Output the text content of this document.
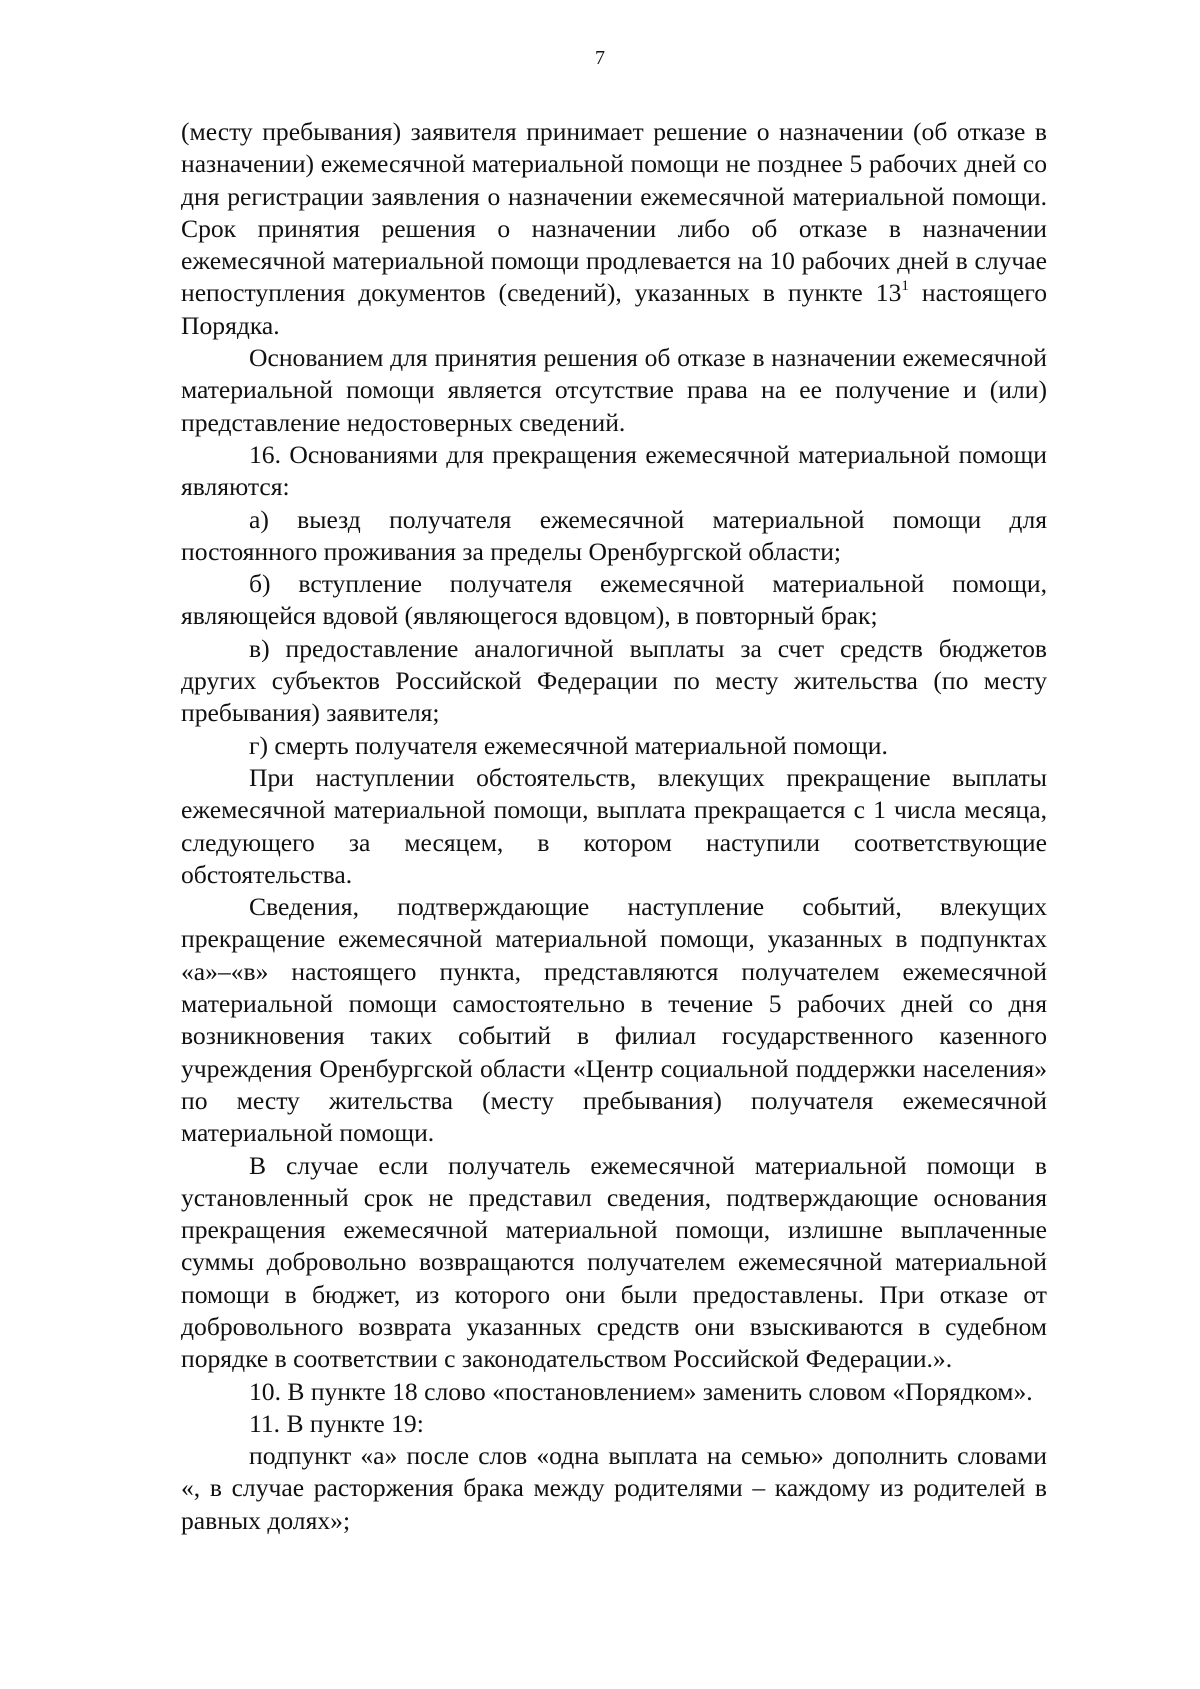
7

(месту пребывания) заявителя принимает решение о назначении (об отказе в назначении) ежемесячной материальной помощи не позднее 5 рабочих дней со дня регистрации заявления о назначении ежемесячной материальной помощи. Срок принятия решения о назначении либо об отказе в назначении ежемесячной материальной помощи продлевается на 10 рабочих дней в случае непоступления документов (сведений), указанных в пункте $13^1$ настоящего Порядка.

Основанием для принятия решения об отказе в назначении ежемесячной материальной помощи является отсутствие права на ее получение и (или) представление недостоверных сведений.

16. Основаниями для прекращения ежемесячной материальной помощи являются:

а) выезд получателя ежемесячной материальной помощи для постоянного проживания за пределы Оренбургской области;

б) вступление получателя ежемесячной материальной помощи, являющейся вдовой (являющегося вдовцом), в повторный брак;

в) предоставление аналогичной выплаты за счет средств бюджетов других субъектов Российской Федерации по месту жительства (по месту пребывания) заявителя;

г) смерть получателя ежемесячной материальной помощи.

При наступлении обстоятельств, влекущих прекращение выплаты ежемесячной материальной помощи, выплата прекращается с 1 числа месяца, следующего за месяцем, в котором наступили соответствующие обстоятельства.

Сведения, подтверждающие наступление событий, влекущих прекращение ежемесячной материальной помощи, указанных в подпунктах «а»–«в» настоящего пункта, представляются получателем ежемесячной материальной помощи самостоятельно в течение 5 рабочих дней со дня возникновения таких событий в филиал государственного казенного учреждения Оренбургской области «Центр социальной поддержки населения» по месту жительства (месту пребывания) получателя ежемесячной материальной помощи.

В случае если получатель ежемесячной материальной помощи в установленный срок не представил сведения, подтверждающие основания прекращения ежемесячной материальной помощи, излишне выплаченные суммы добровольно возвращаются получателем ежемесячной материальной помощи в бюджет, из которого они были предоставлены. При отказе от добровольного возврата указанных средств они взыскиваются в судебном порядке в соответствии с законодательством Российской Федерации.».

10. В пункте 18 слово «постановлением» заменить словом «Порядком».

11. В пункте 19:

подпункт «а» после слов «одна выплата на семью» дополнить словами «, в случае расторжения брака между родителями – каждому из родителей в равных долях»;
